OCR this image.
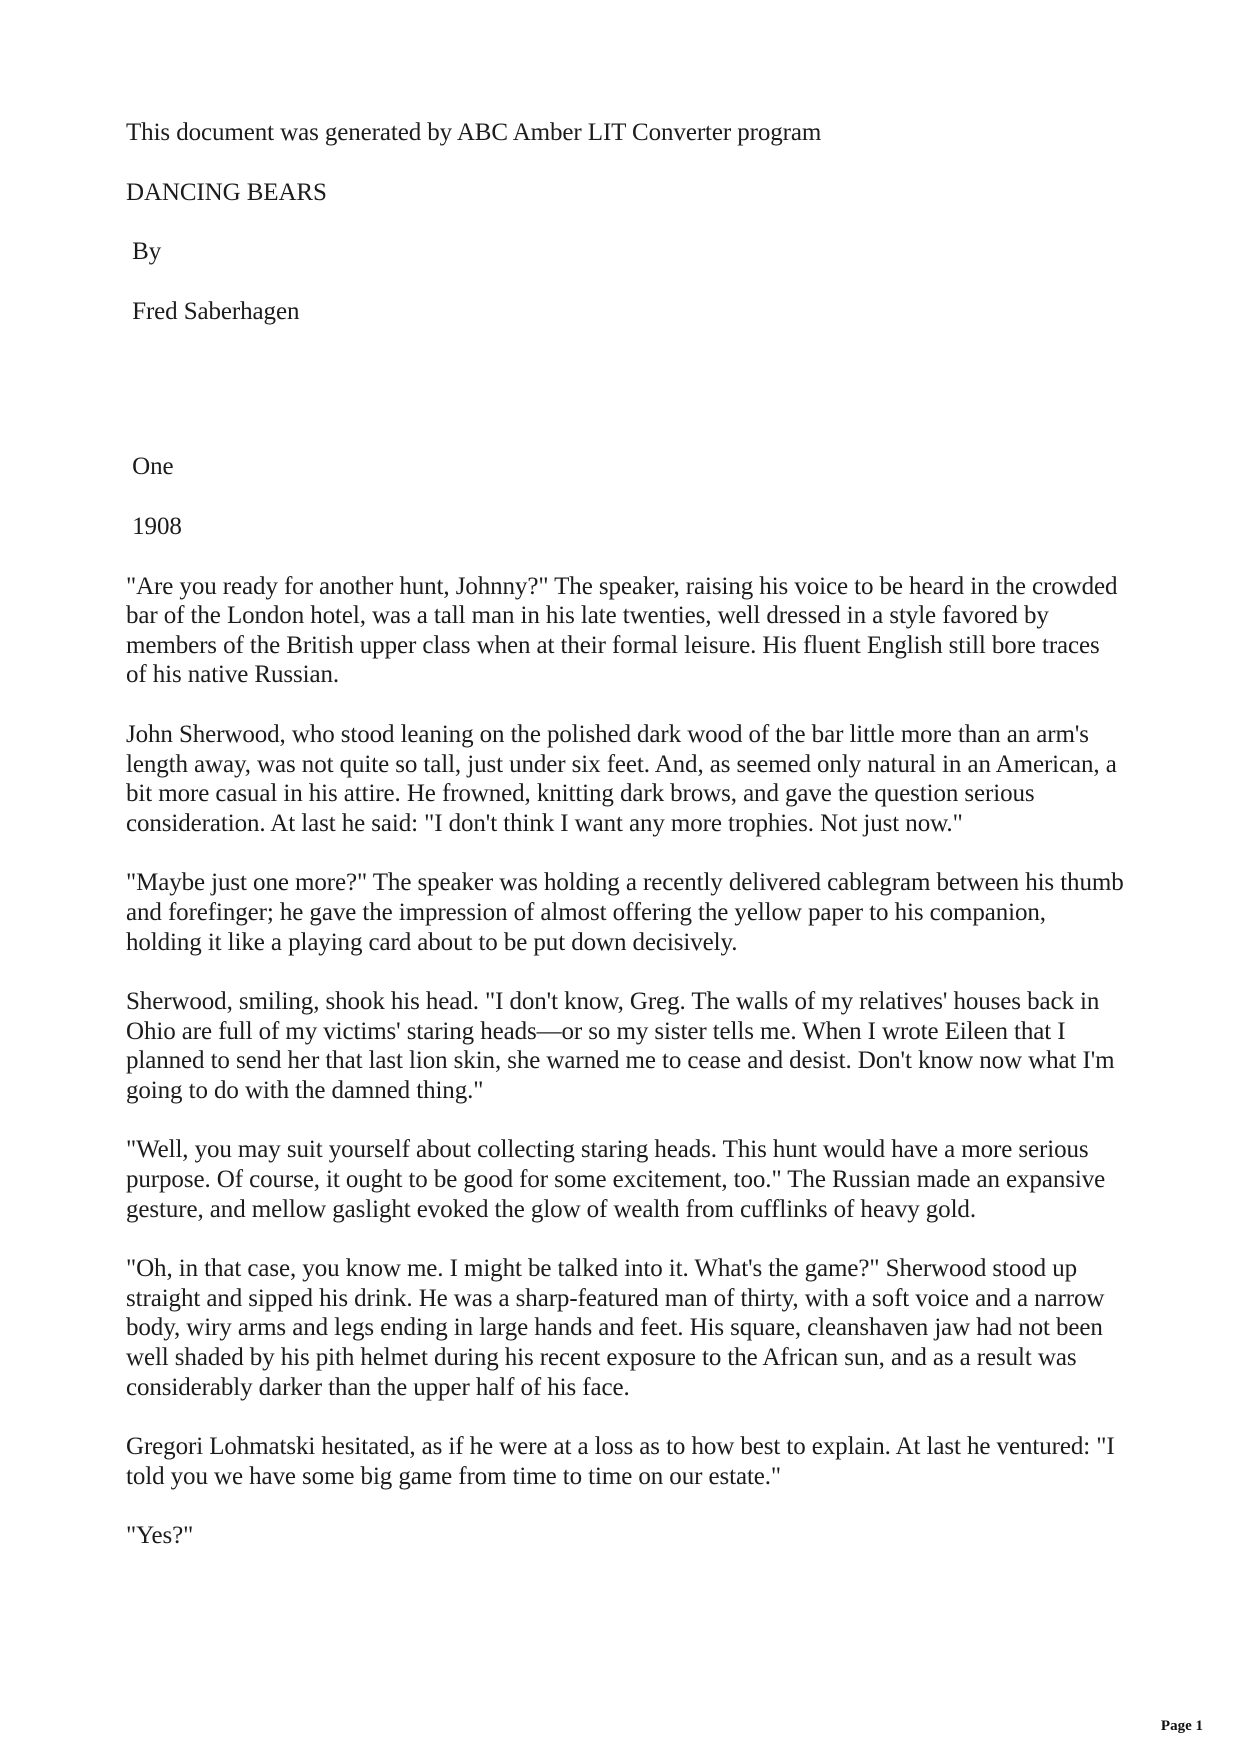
This document was generated by ABC Amber LIT Converter program

DANCING BEARS

By

Fred Saberhagen

One

1908

"Are you ready for another hunt, Johnny?" The speaker, raising his voice to be heard in the crowded bar of the London hotel, was a tall man in his late twenties, well dressed in a style favored by members of the British upper class when at their formal leisure. His fluent English still bore traces of his native Russian.

John Sherwood, who stood leaning on the polished dark wood of the bar little more than an arm's length away, was not quite so tall, just under six feet. And, as seemed only natural in an American, a bit more casual in his attire. He frowned, knitting dark brows, and gave the question serious consideration. At last he said: "I don't think I want any more trophies. Not just now."

"Maybe just one more?" The speaker was holding a recently delivered cablegram between his thumb and forefinger; he gave the impression of almost offering the yellow paper to his companion, holding it like a playing card about to be put down decisively.

Sherwood, smiling, shook his head. "I don't know, Greg. The walls of my relatives' houses back in Ohio are full of my victims' staring heads—or so my sister tells me. When I wrote Eileen that I planned to send her that last lion skin, she warned me to cease and desist. Don't know now what I'm going to do with the damned thing."

"Well, you may suit yourself about collecting staring heads. This hunt would have a more serious purpose. Of course, it ought to be good for some excitement, too." The Russian made an expansive gesture, and mellow gaslight evoked the glow of wealth from cufflinks of heavy gold.

"Oh, in that case, you know me. I might be talked into it. What's the game?" Sherwood stood up straight and sipped his drink. He was a sharp-featured man of thirty, with a soft voice and a narrow body, wiry arms and legs ending in large hands and feet. His square, cleanshaven jaw had not been well shaded by his pith helmet during his recent exposure to the African sun, and as a result was considerably darker than the upper half of his face.

Gregori Lohmatski hesitated, as if he were at a loss as to how best to explain. At last he ventured: "I told you we have some big game from time to time on our estate."

"Yes?"

Page 1
